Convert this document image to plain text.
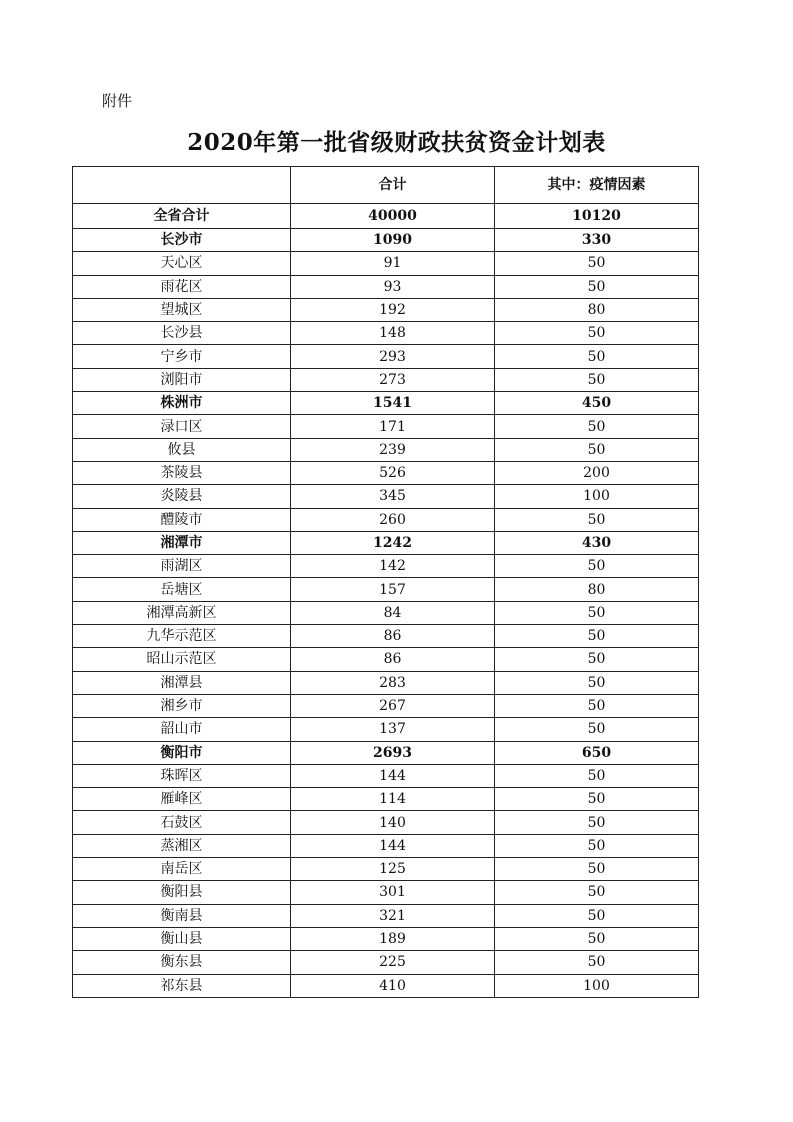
附件
2020年第一批省级财政扶贫资金计划表
	合计	其中：疫情因素
全省合计	40000	10120
长沙市	1090	330
天心区	91	50
雨花区	93	50
望城区	192	80
长沙县	148	50
宁乡市	293	50
浏阳市	273	50
株洲市	1541	450
渌口区	171	50
攸县	239	50
茶陵县	526	200
炎陵县	345	100
醴陵市	260	50
湘潭市	1242	430
雨湖区	142	50
岳塘区	157	80
湘潭高新区	84	50
九华示范区	86	50
昭山示范区	86	50
湘潭县	283	50
湘乡市	267	50
韶山市	137	50
衡阳市	2693	650
珠晖区	144	50
雁峰区	114	50
石鼓区	140	50
蒸湘区	144	50
南岳区	125	50
衡阳县	301	50
衡南县	321	50
衡山县	189	50
衡东县	225	50
祁东县	410	100
